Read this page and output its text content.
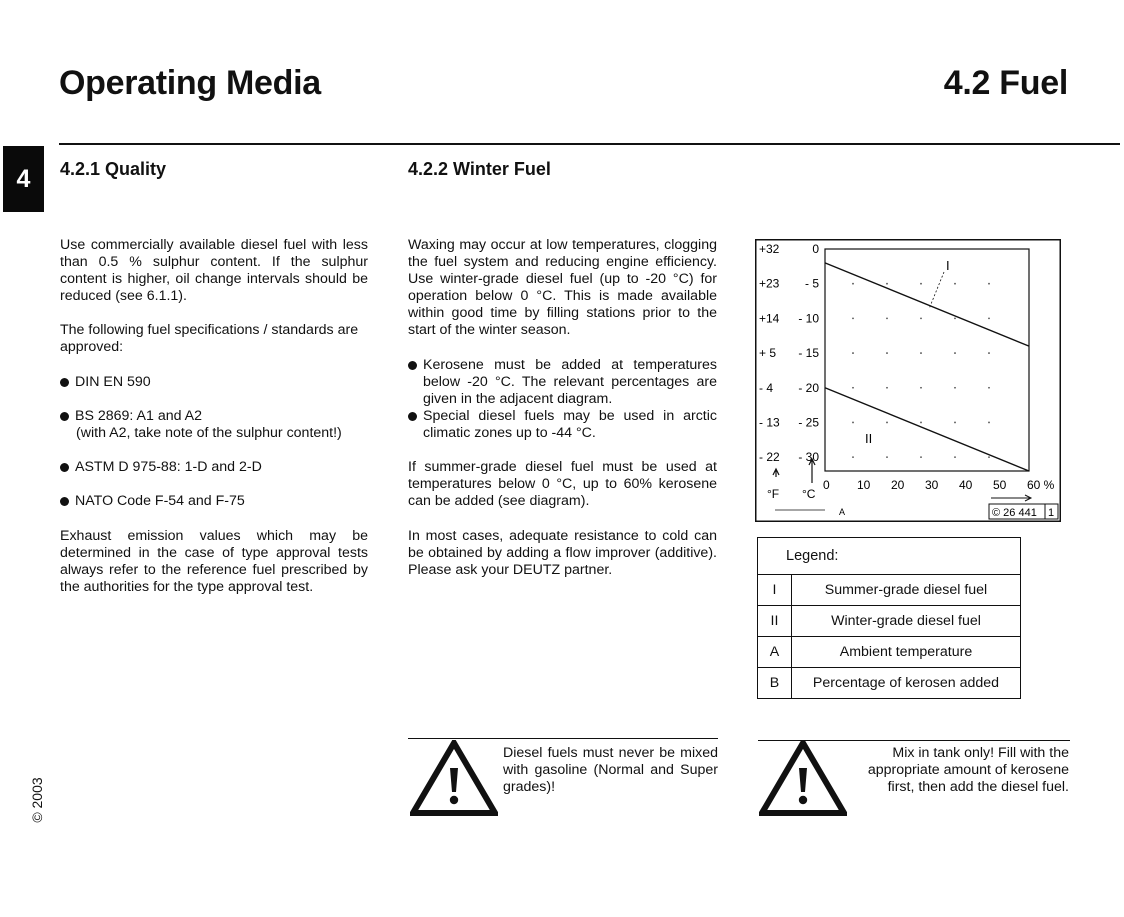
Operating Media	4.2 Fuel
4
© 2003
4.2.1 Quality
Use commercially available diesel fuel with less than 0.5 % sulphur content. If the sulphur content is higher, oil change intervals should be reduced (see 6.1.1).
The following fuel specifications / standards are approved:
DIN EN 590
BS 2869: A1 and A2
(with A2, take note of the sulphur content!)
ASTM D 975-88: 1-D and 2-D
NATO Code F-54 and F-75
Exhaust emission values which may be determined in the case of type approval tests always refer to the reference fuel prescribed by the authorities for the type approval test.
4.2.2 Winter Fuel
Waxing may occur at low temperatures, clogging the fuel system and reducing engine efficiency. Use winter-grade diesel fuel (up to -20 °C) for operation below 0 °C. This is made available within good time by filling stations prior to the start of the winter season.
Kerosene must be added at temperatures below -20 °C. The relevant percentages are given in the adjacent diagram.
Special diesel fuels may be used in arctic climatic zones up to -44 °C.
If summer-grade diesel fuel must be used at temperatures below 0 °C, up to 60% kerosene can be added (see diagram).
In most cases, adequate resistance to cold can be obtained by adding a flow improver (additive). Please ask your DEUTZ partner.
+32
+23
+14
+ 5
- 4
- 13
- 22
0
- 5
- 10
- 15
- 20
- 25
- 30
0 10 20 30 40 50 60 %
I
II
°F °C
A	© 26 441 1
Legend:
I	Summer-grade diesel fuel
II	Winter-grade diesel fuel
A	Ambient temperature
B	Percentage of kerosen added
Diesel fuels must never be mixed with gasoline (Normal and Super grades)!
Mix in tank only! Fill with the appropriate amount of kerosene first, then add the diesel fuel.
